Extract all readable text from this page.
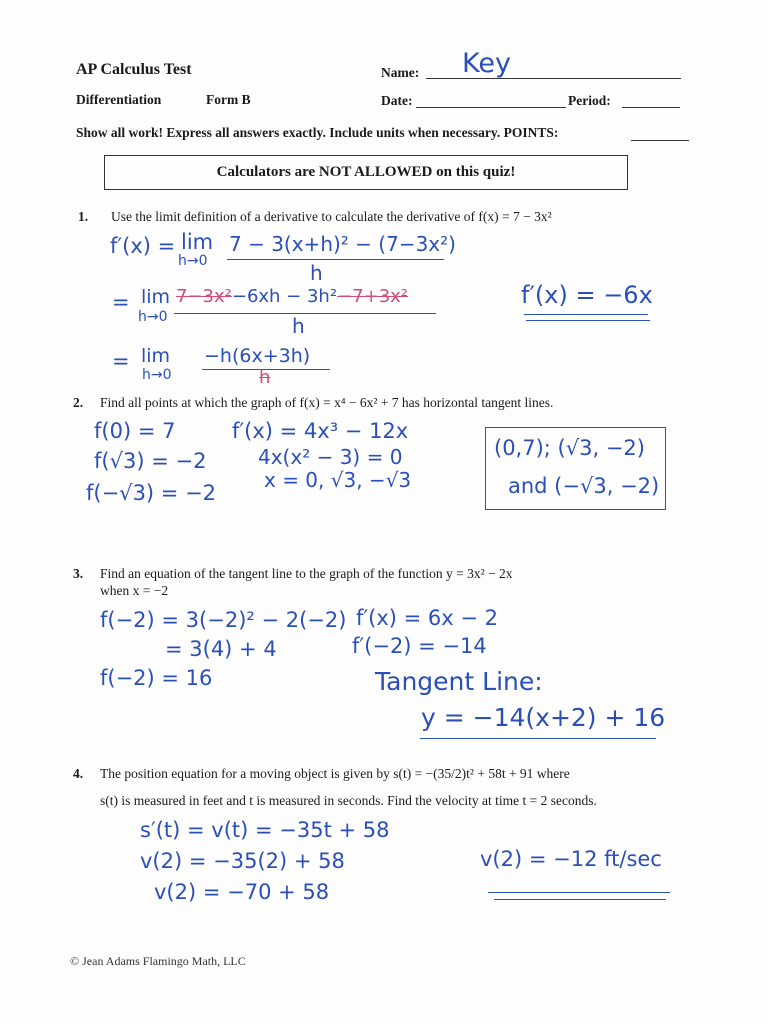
AP Calculus Test
Differentiation	Form B
Name: Key
Date:	Period:
Show all work! Express all answers exactly. Include units when necessary. POINTS:
Calculators are NOT ALLOWED on this quiz!
1. Use the limit definition of a derivative to calculate the derivative of f(x) = 7 − 3x²
f′(x) = lim
h→0
7 − 3(x+h)² − (7−3x²)
h
= lim
h→0
7−3x²−6xh − 3h²−7+3x²
h
= lim
h→0
−h(6x+3h)
h
f′(x) = −6x
2. Find all points at which the graph of f(x) = x⁴ − 6x² + 7 has horizontal tangent lines.
f(0) = 7
f(√3) = −2
f(−√3) = −2
f′(x) = 4x³ − 12x
4x(x² − 3) = 0
x = 0, √3, −√3
(0,7); (√3, −2)
and (−√3, −2)
3. Find an equation of the tangent line to the graph of the function y = 3x² − 2x
when x = −2
f(−2) = 3(−2)² − 2(−2)
= 3(4) + 4
f(−2) = 16
f′(x) = 6x − 2
f′(−2) = −14
Tangent Line:
y = −14(x+2) + 16
4. The position equation for a moving object is given by s(t) = −(35/2)t² + 58t + 91 where
s(t) is measured in feet and t is measured in seconds. Find the velocity at time t = 2 seconds.
s′(t) = v(t) = −35t + 58
v(2) = −35(2) + 58
v(2) = −70 + 58
v(2) = −12 ft/sec
© Jean Adams Flamingo Math, LLC
